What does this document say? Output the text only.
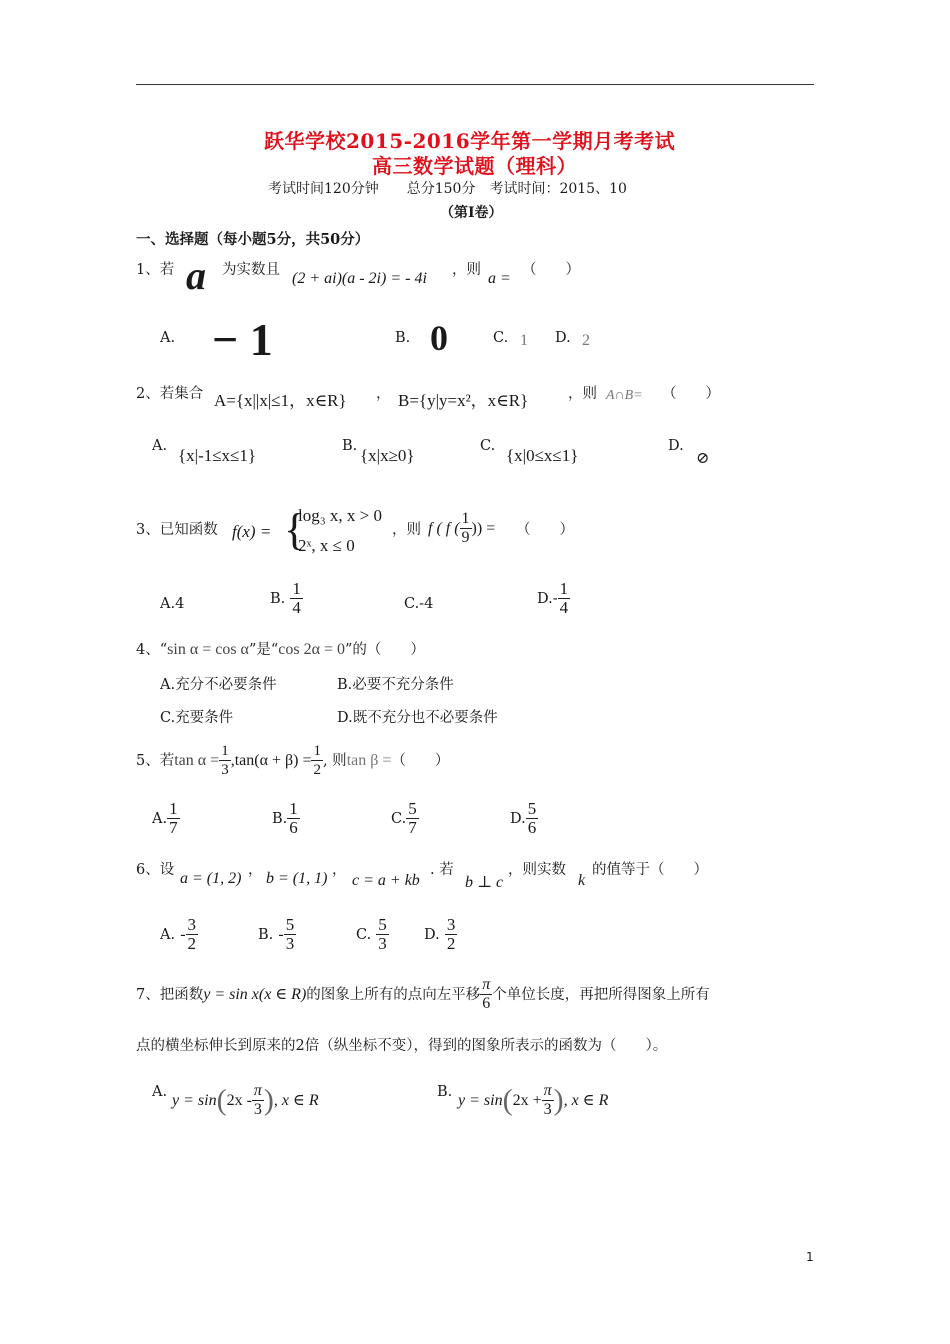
跃华学校2015-2016学年第一学期月考考试
高三数学试题（理科）
考试时间120分钟　　总分150分　考试时间：2015、10
（第Ⅰ卷）
一、选择题（每小题5分，共50分）
1、若 a 为实数且 (2 + ai)(a - 2i) = - 4i ，则 a = （　　）
A. − 1	B. 0	C. 1 D. 2
2、若集合 A={x||x|≤1，x∈R} ， B={y|y=x²，x∈R}	，则 A∩B= （　　）
A. {x|-1≤x≤1}	B. {x|x≥0}	C. {x|0≤x≤1}	D.
⊘
3、已知函数 f(x) = {
log₃ x, x > 0
2ˣ, x ≤ 0
，则 f ( f ( $\frac{1}{9}$ )) = （　　）
A.4	B. $\frac{1}{4}$	C.-4	$D.- \frac{1}{4}$
4、“sin α = cos α”是“cos 2α = 0”的（　　）
A.充分不必要条件	B.必要不充分条件
C.充要条件	D.既不充分也不必要条件
5、若$\tan \alpha = \frac{1}{3} ,\tan(\alpha + \beta) = \frac{1}{2}$ , 则tan β =（　　）
A. $\frac{1}{7}$	B. $\frac{1}{6}$	C. $\frac{5}{7}$	D. $\frac{5}{6}$
6、设 a = (1, 2) ， b = (1, 1) ，
c = a + kb
. 若
b ⊥ c
，则实数
k
的值等于（　　）
A. - $\frac{3}{2}$	B. - $\frac{5}{3}$	C. $\frac{5}{3} D$. $\frac{3}{2}$
7、把函数y = sin x(x ∈ R)的图象上所有的点向左平移 $\frac{\pi}{6}$ 个单位长度，再把所得图象上所有
点的横坐标伸长到原来的2倍（纵坐标不变），得到的图象所表示的函数为（　　）。
A. $y = \sin(2x - \frac{\pi}{3}$ ), x ∈ R	B. $y = \sin(2x + \frac{\pi}{3}$ ), x ∈ R
1
